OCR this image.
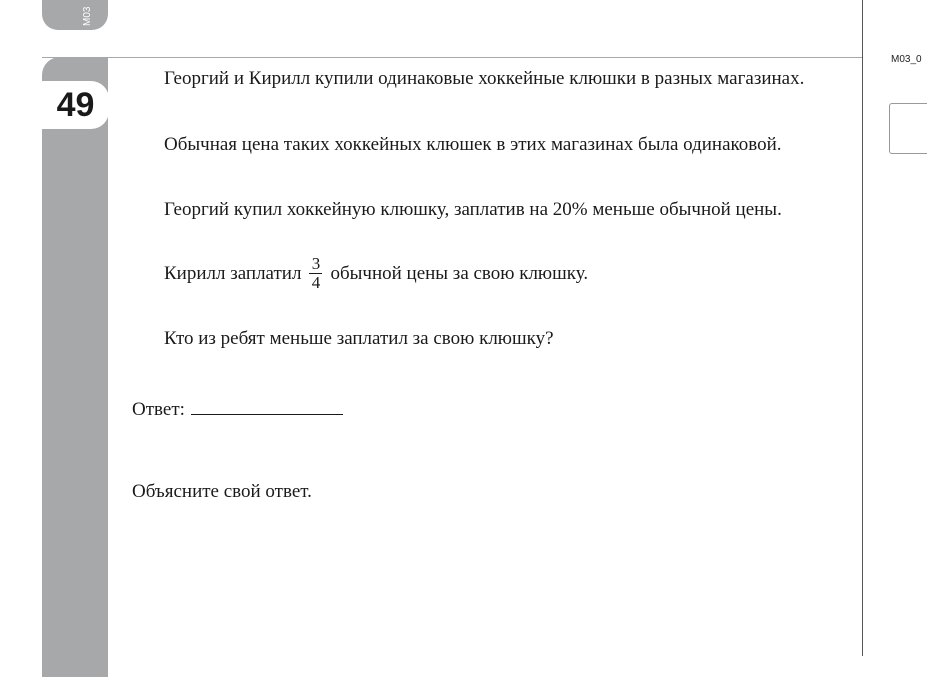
M03
49
M03_0

Георгий и Кирилл купили одинаковые хоккейные клюшки в разных магазинах.

Обычная цена таких хоккейных клюшек в этих магазинах была одинаковой.

Георгий купил хоккейную клюшку, заплатив на 20% меньше обычной цены.

Кирилл заплатил $\frac{3}{4}$ обычной цены за свою клюшку.
Кто из ребят меньше заплатил за свою клюшку?
Ответ:
Объясните свой ответ.
